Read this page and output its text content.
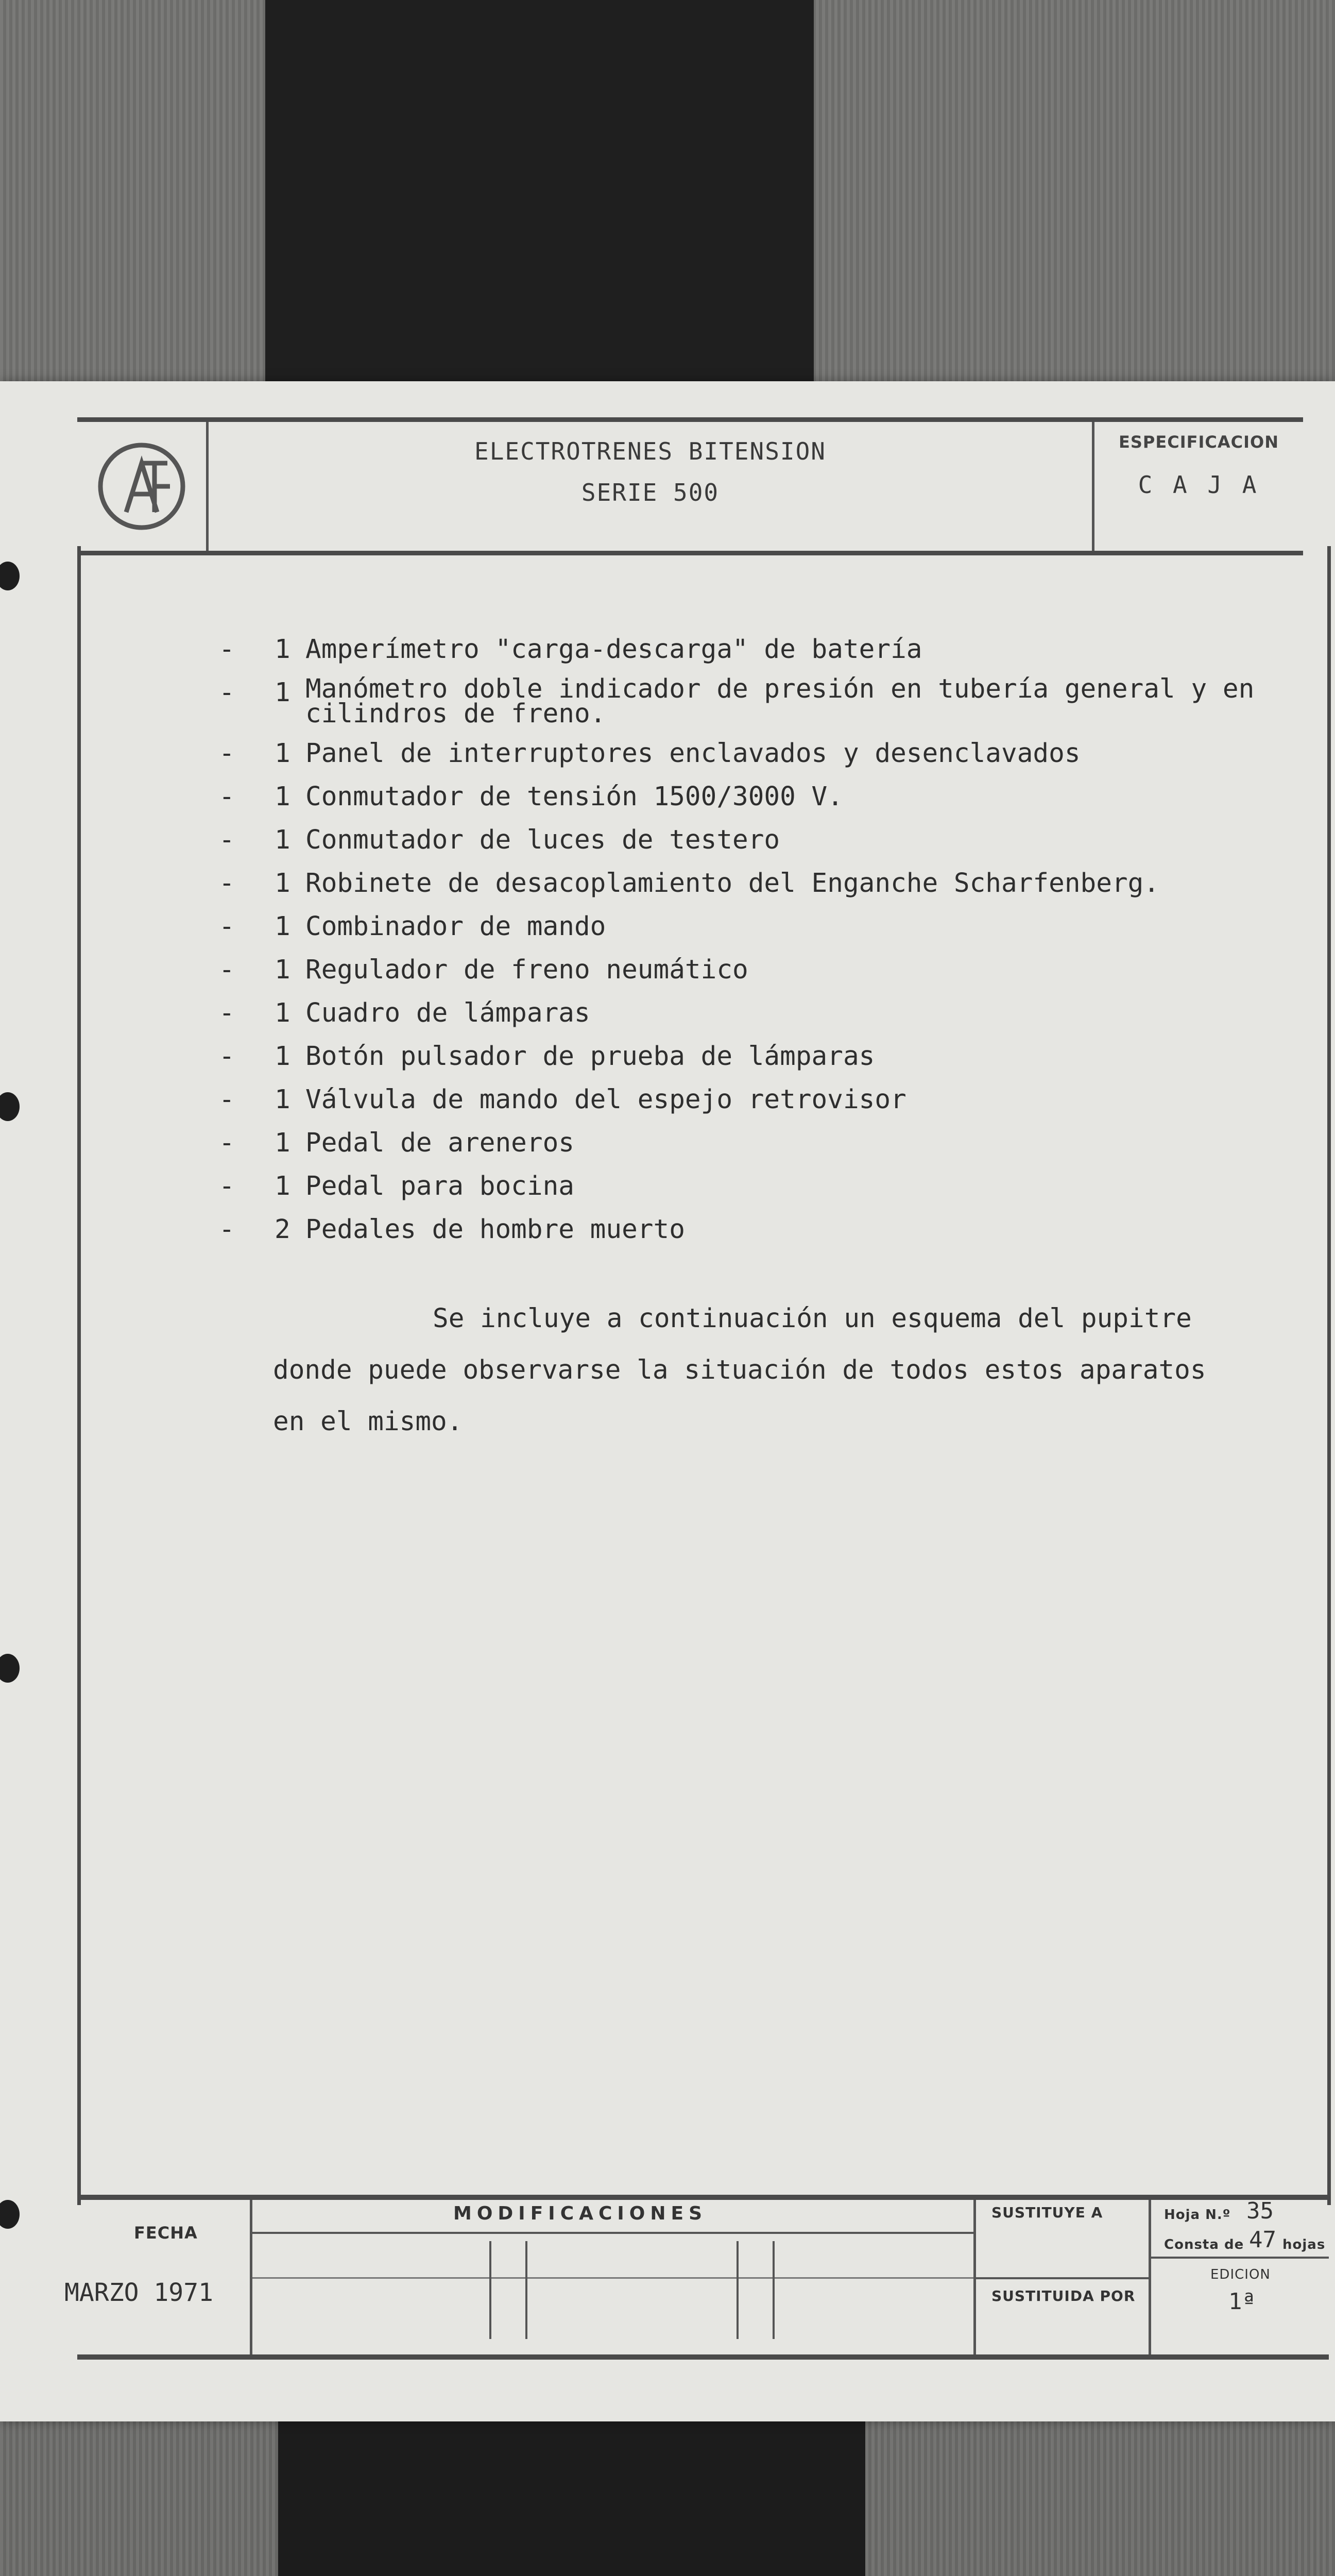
ELECTROTRENES BITENSION
SERIE 500
ESPECIFICACION
C A J A
- 1 Amperímetro "carga-descarga" de batería
- 1 Manómetro doble indicador de presión en tubería general y en cilindros de freno.
- 1 Panel de interruptores enclavados y desenclavados
- 1 Conmutador de tensión 1500/3000 V.
- 1 Conmutador de luces de testero
- 1 Robinete de desacoplamiento del Enganche Scharfenberg.
- 1 Combinador de mando
- 1 Regulador de freno neumático
- 1 Cuadro de lámparas
- 1 Botón pulsador de prueba de lámparas
- 1 Válvula de mando del espejo retrovisor
- 1 Pedal de areneros
- 1 Pedal para bocina
- 2 Pedales de hombre muerto
Se incluye a continuación un esquema del pupitre
donde puede observarse la situación de todos estos aparatos
en el mismo.
FECHA
MARZO 1971
MODIFICACIONES	SUSTITUYE A
SUSTITUIDA POR
Hoja N.º 35
Consta de 47 hojas
EDICION
1ª
